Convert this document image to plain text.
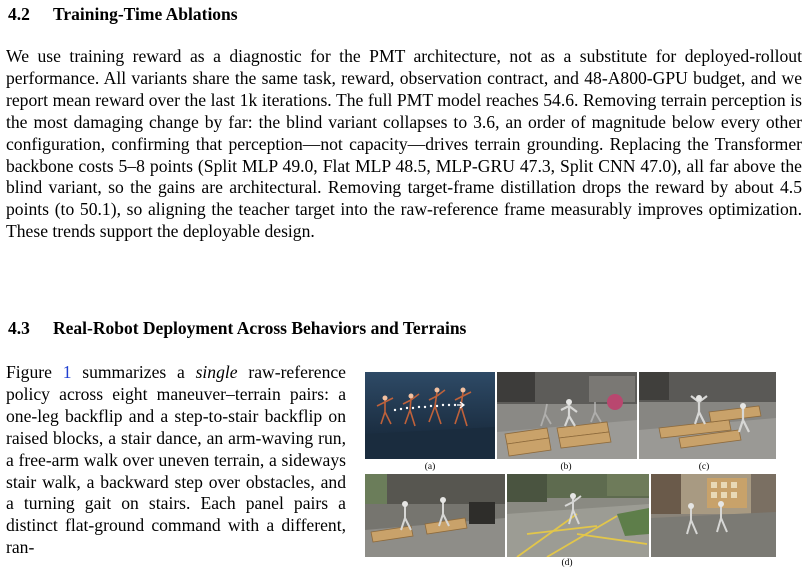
4.2 Training-Time Ablations

We use training reward as a diagnostic for the PMT architecture, not as a substitute for deployed-rollout performance. All variants share the same task, reward, observation contract, and 48-A800-GPU budget, and we report mean reward over the last 1k iterations. The full PMT model reaches 54.6. Removing terrain perception is the most damaging change by far: the blind variant collapses to 3.6, an order of magnitude below every other configuration, confirming that perception—not capacity—drives terrain grounding. Replacing the Transformer backbone costs 5–8 points (Split MLP 49.0, Flat MLP 48.5, MLP-GRU 47.3, Split CNN 47.0), all far above the blind variant, so the gains are architectural. Removing target-frame distillation drops the reward by about 4.5 points (to 50.1), so aligning the teacher target into the raw-reference frame measurably improves optimization. These trends support the deployable design.

4.3 Real-Robot Deployment Across Behaviors and Terrains

Figure 1 summarizes a single raw-reference policy across eight maneuver–terrain pairs: a one-leg backflip and a step-to-stair backflip on raised blocks, a stair dance, an arm-waving run, a free-arm walk over uneven terrain, a sideways stair walk, a backward step over obstacles, and a turning gait on stairs. Each panel pairs a distinct flat-ground command with a different, ran-

(a)	(b)	(c)
(d)
